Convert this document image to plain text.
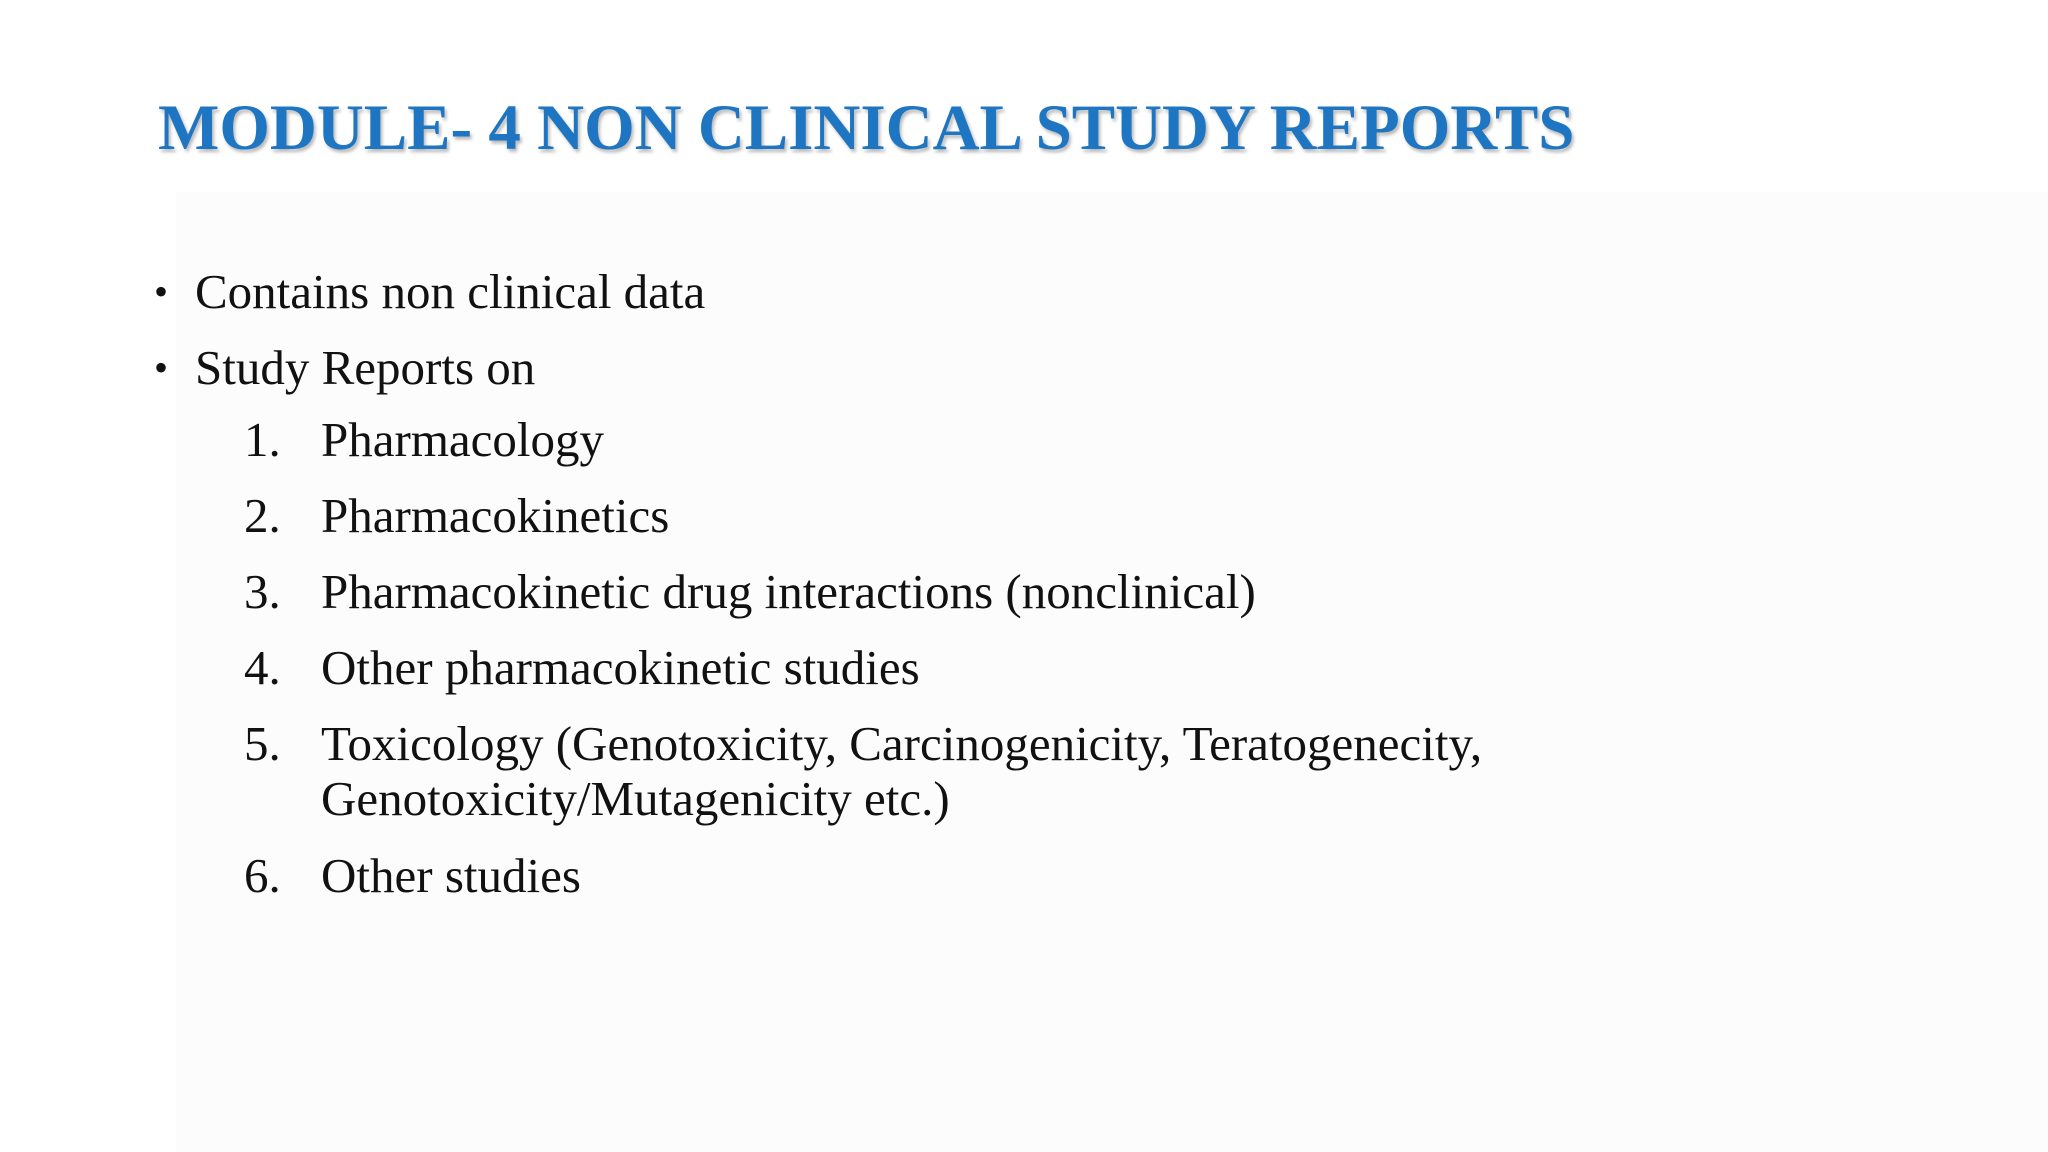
MODULE- 4 NON CLINICAL STUDY REPORTS
• Contains non clinical data
• Study Reports on
1. Pharmacology
2. Pharmacokinetics
3. Pharmacokinetic drug interactions (nonclinical)
4. Other pharmacokinetic studies
5. Toxicology (Genotoxicity, Carcinogenicity, Teratogenecity, Genotoxicity/Mutagenicity etc.)
6. Other studies
